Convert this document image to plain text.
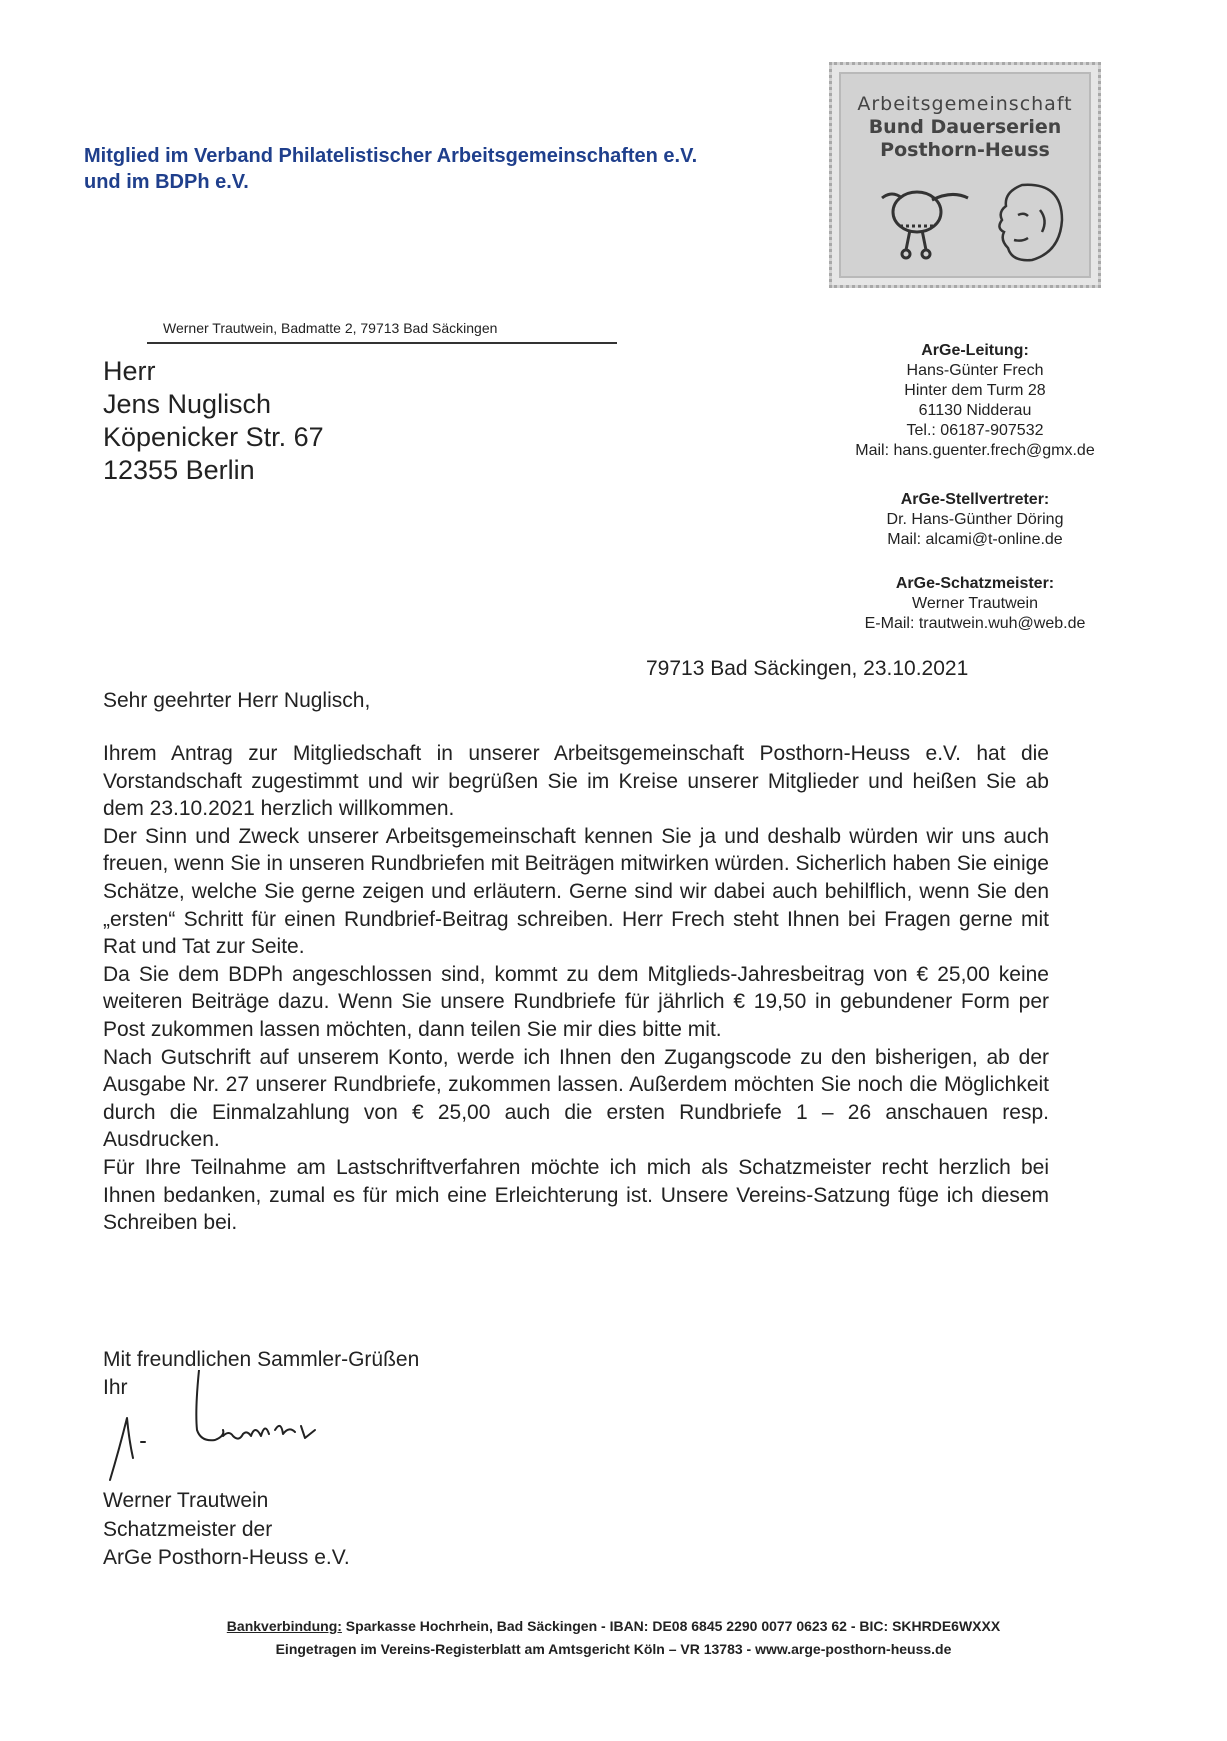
Mitglied im Verband Philatelistischer Arbeitsgemeinschaften e.V.
und im BDPh e.V.
Arbeitsgemeinschaft
Bund Dauerserien
Posthorn-Heuss
Werner Trautwein, Badmatte 2, 79713 Bad Säckingen
Herr
Jens Nuglisch
Köpenicker Str. 67
12355 Berlin
ArGe-Leitung:
Hans-Günter Frech
Hinter dem Turm 28
61130 Nidderau
Tel.: 06187-907532
Mail: hans.guenter.frech@gmx.de
ArGe-Stellvertreter:
Dr. Hans-Günther Döring
Mail: alcami@t-online.de
ArGe-Schatzmeister:
Werner Trautwein
E-Mail: trautwein.wuh@web.de
79713 Bad Säckingen, 23.10.2021
Sehr geehrter Herr Nuglisch,

Ihrem Antrag zur Mitgliedschaft in unserer Arbeitsgemeinschaft Posthorn-Heuss e.V. hat die Vorstandschaft zugestimmt und wir begrüßen Sie im Kreise unserer Mitglieder und heißen Sie ab dem 23.10.2021 herzlich willkommen.

Der Sinn und Zweck unserer Arbeitsgemeinschaft kennen Sie ja und deshalb würden wir uns auch freuen, wenn Sie in unseren Rundbriefen mit Beiträgen mitwirken würden. Sicherlich haben Sie einige Schätze, welche Sie gerne zeigen und erläutern. Gerne sind wir dabei auch behilflich, wenn Sie den „ersten“ Schritt für einen Rundbrief-Beitrag schreiben. Herr Frech steht Ihnen bei Fragen gerne mit Rat und Tat zur Seite.

Da Sie dem BDPh angeschlossen sind, kommt zu dem Mitglieds-Jahresbeitrag von € 25,00 keine weiteren Beiträge dazu. Wenn Sie unsere Rundbriefe für jährlich € 19,50 in gebundener Form per Post zukommen lassen möchten, dann teilen Sie mir dies bitte mit.

Nach Gutschrift auf unserem Konto, werde ich Ihnen den Zugangscode zu den bisherigen, ab der Ausgabe Nr. 27 unserer Rundbriefe, zukommen lassen. Außerdem möchten Sie noch die Möglichkeit durch die Einmalzahlung von € 25,00 auch die ersten Rundbriefe 1 – 26 anschauen resp. Ausdrucken.

Für Ihre Teilnahme am Lastschriftverfahren möchte ich mich als Schatzmeister recht herzlich bei Ihnen bedanken, zumal es für mich eine Erleichterung ist. Unsere Vereins-Satzung füge ich diesem Schreiben bei.

Mit freundlichen Sammler-Grüßen
Ihr
Werner Trautwein
Schatzmeister der
ArGe Posthorn-Heuss e.V.
Bankverbindung: Sparkasse Hochrhein, Bad Säckingen - IBAN: DE08 6845 2290 0077 0623 62 - BIC: SKHRDE6WXXX
Eingetragen im Vereins-Registerblatt am Amtsgericht Köln – VR 13783 - www.arge-posthorn-heuss.de
